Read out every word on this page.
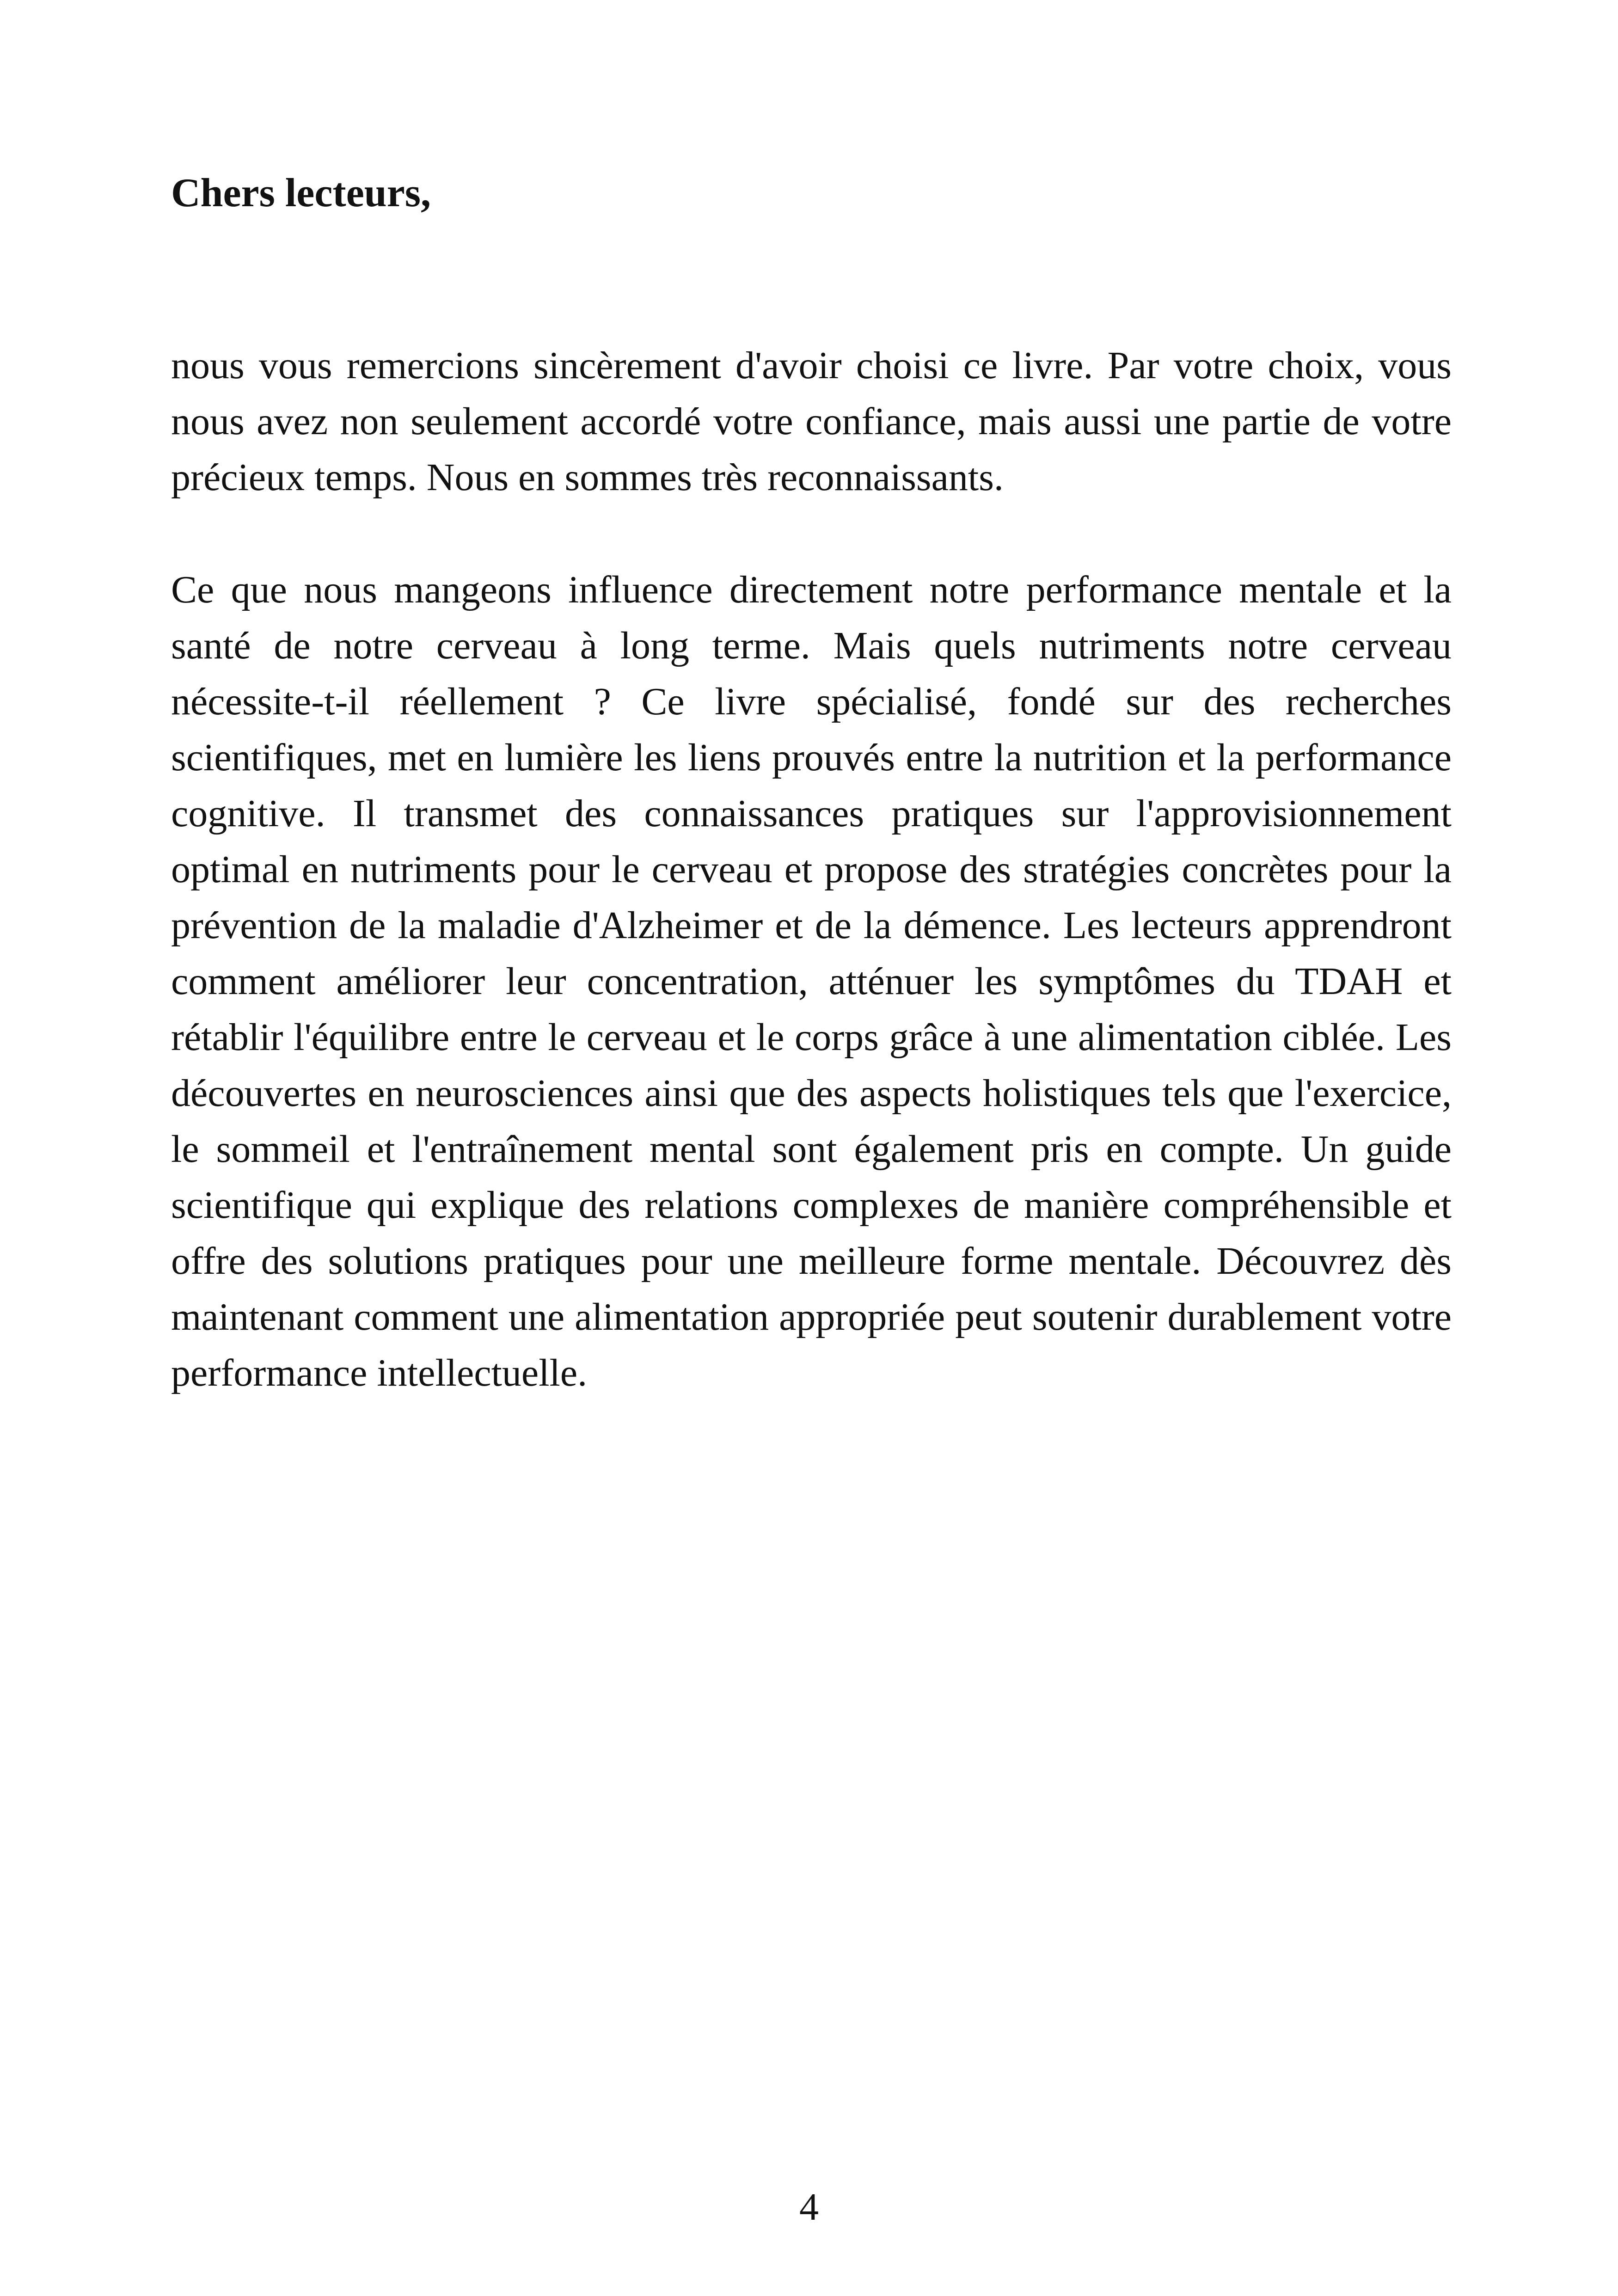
Chers lecteurs,

nous vous remercions sincèrement d'avoir choisi ce livre. Par votre choix, vous nous avez non seulement accordé votre confiance, mais aussi une partie de votre précieux temps. Nous en sommes très reconnaissants.

Ce que nous mangeons influence directement notre performance mentale et la santé de notre cerveau à long terme. Mais quels nutriments notre cerveau nécessite-t-il réellement ? Ce livre spécialisé, fondé sur des recherches scientifiques, met en lumière les liens prouvés entre la nutrition et la performance cognitive. Il transmet des connaissances pratiques sur l'approvisionnement optimal en nutriments pour le cerveau et propose des stratégies concrètes pour la prévention de la maladie d'Alzheimer et de la démence. Les lecteurs apprendront comment améliorer leur concentration, atténuer les symptômes du TDAH et rétablir l'équilibre entre le cerveau et le corps grâce à une alimentation ciblée. Les découvertes en neurosciences ainsi que des aspects holistiques tels que l'exercice, le sommeil et l'entraînement mental sont également pris en compte. Un guide scientifique qui explique des relations complexes de manière compréhensible et offre des solutions pratiques pour une meilleure forme mentale. Découvrez dès maintenant comment une alimentation appropriée peut soutenir durablement votre performance intellectuelle.

4
